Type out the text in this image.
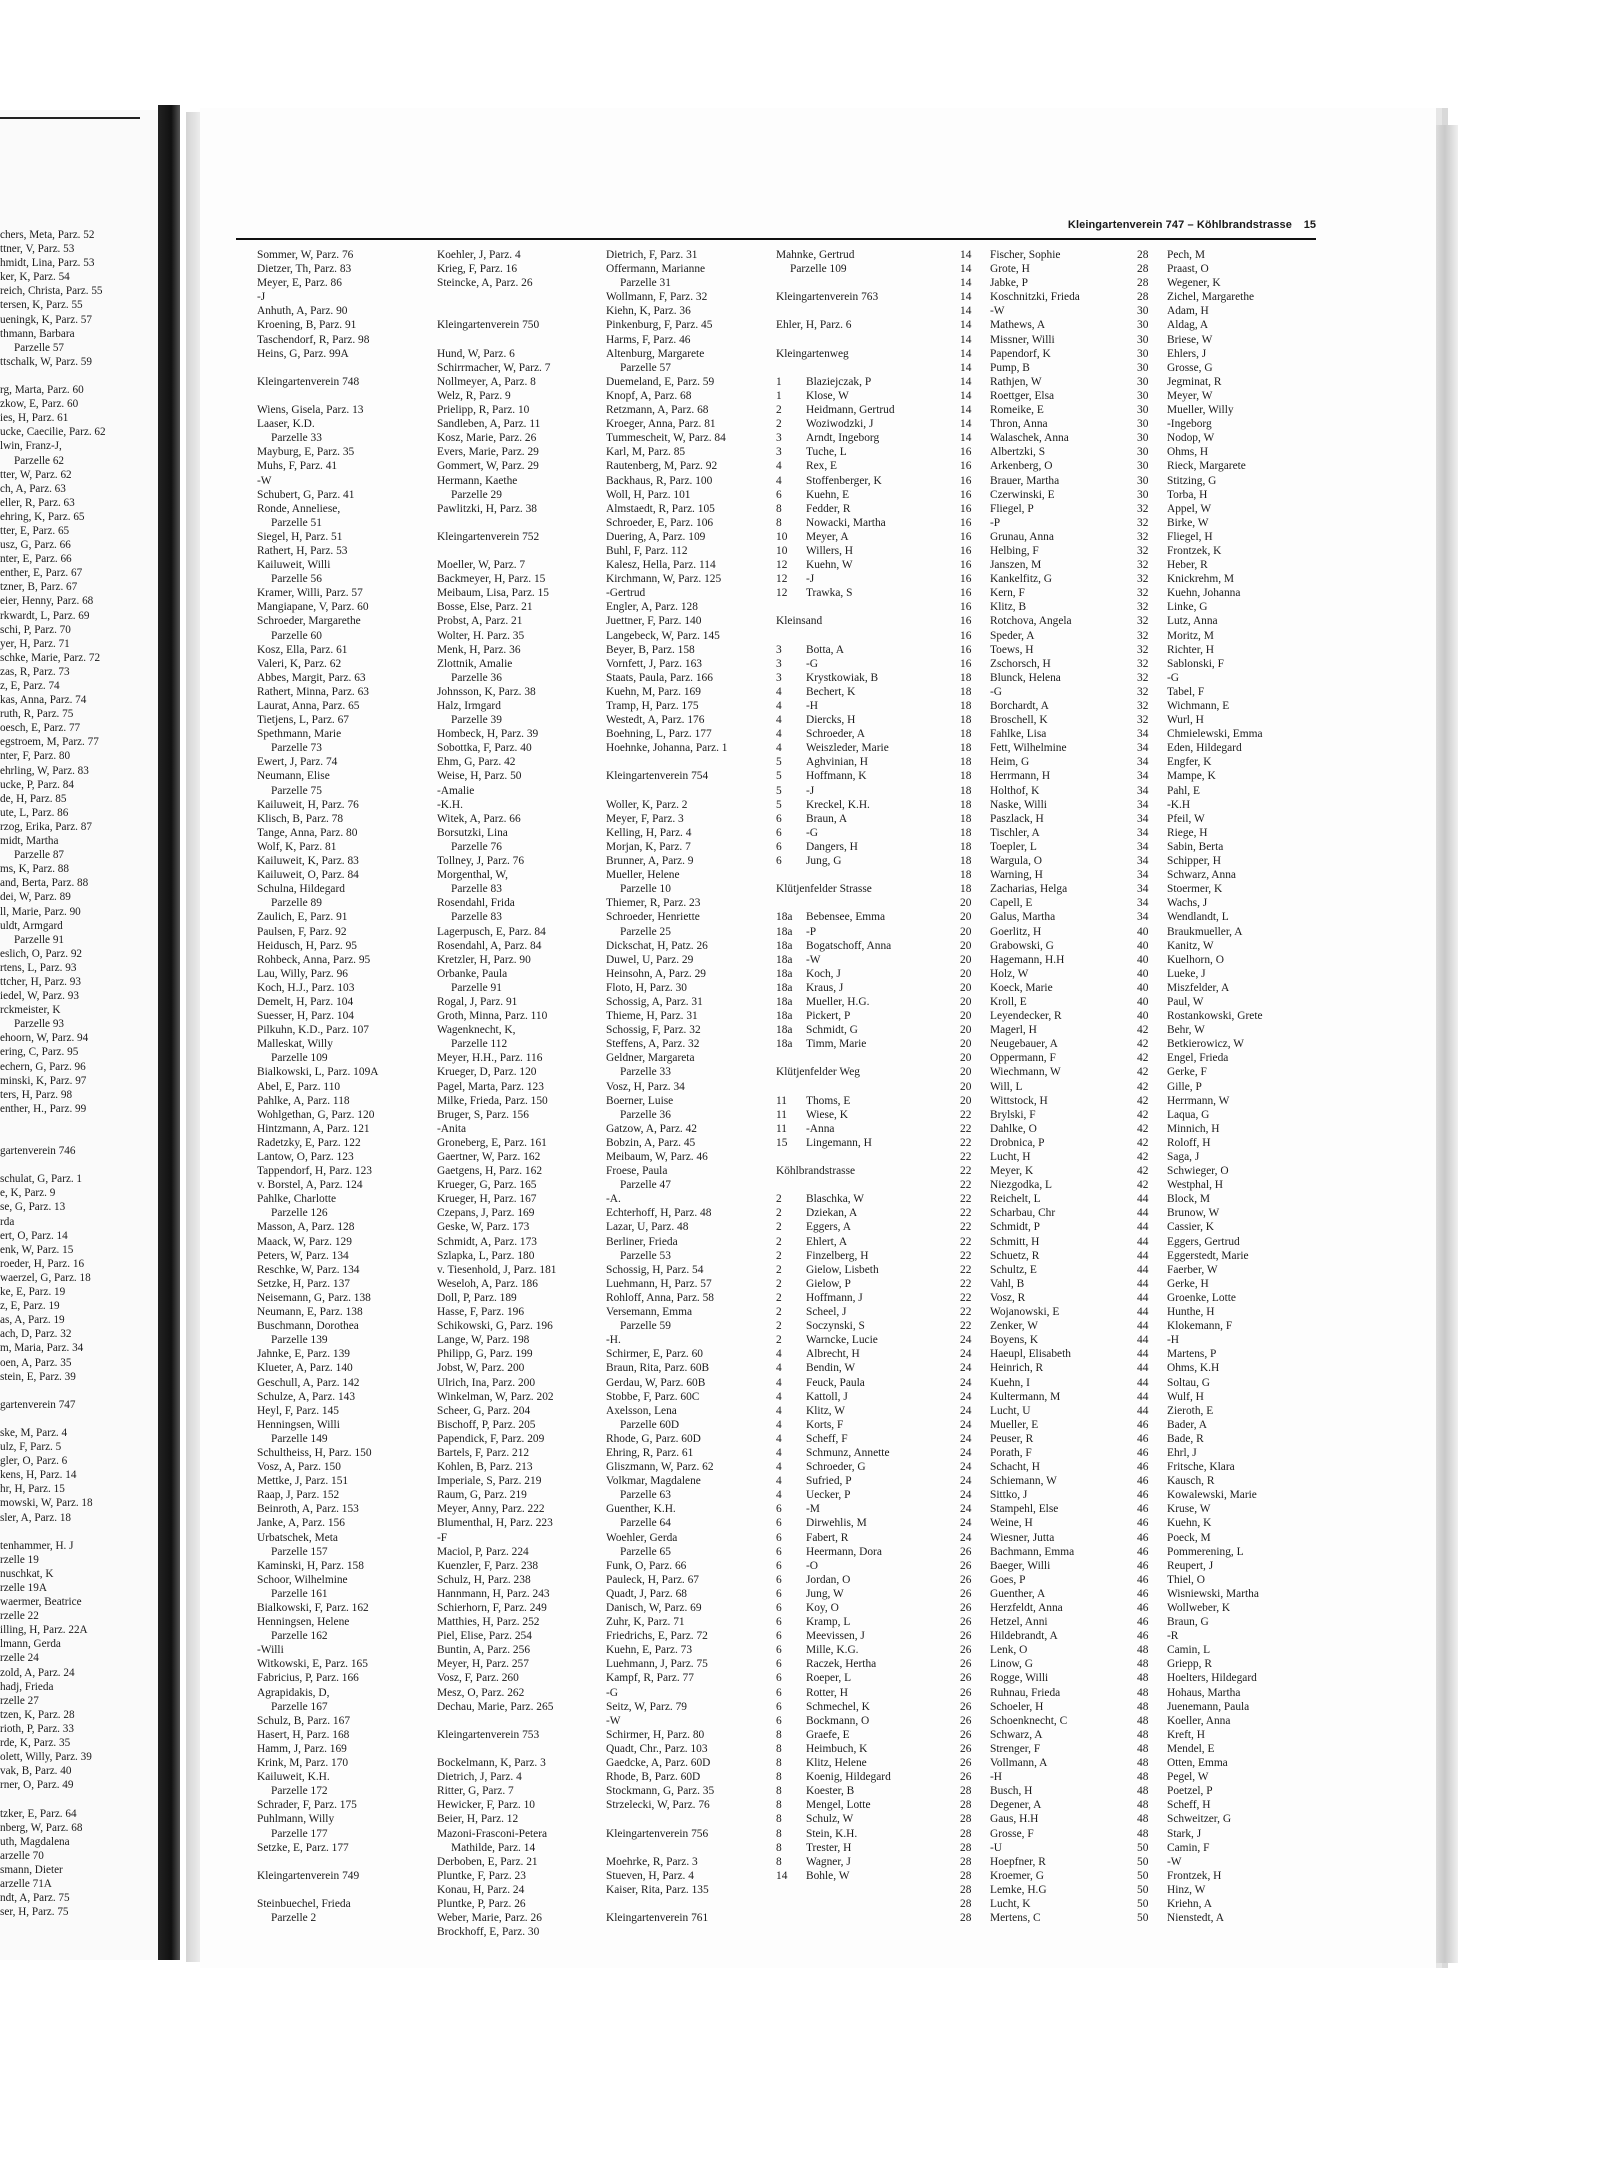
chers, Meta, Parz. 52
ttner, V, Parz. 53
hmidt, Lina, Parz. 53
ker, K, Parz. 54
reich, Christa, Parz. 55
tersen, K, Parz. 55
ueningk, K, Parz. 57
thmann, Barbara
Parzelle 57
ttschalk, W, Parz. 59

rg, Marta, Parz. 60
zkow, E, Parz. 60
ies, H, Parz. 61
ucke, Caecilie, Parz. 62
lwin, Franz-J,
Parzelle 62
tter, W, Parz. 62
ch, A, Parz. 63
eller, R, Parz. 63
ehring, K, Parz. 65
tter, E, Parz. 65
usz, G, Parz. 66
nter, E, Parz. 66
enther, E, Parz. 67
tzner, B, Parz. 67
eier, Henny, Parz. 68
rkwardt, L, Parz. 69
schi, P, Parz. 70
yer, H, Parz. 71
schke, Marie, Parz. 72
zas, R, Parz. 73
z, E, Parz. 74
kas, Anna, Parz. 74
ruth, R, Parz. 75
oesch, E, Parz. 77
egstroem, M, Parz. 77
nter, F, Parz. 80
ehrling, W, Parz. 83
ucke, P, Parz. 84
de, H, Parz. 85
ute, L, Parz. 86
rzog, Erika, Parz. 87
midt, Martha
Parzelle 87
ms, K, Parz. 88
and, Berta, Parz. 88
dei, W, Parz. 89
ll, Marie, Parz. 90
uldt, Armgard
Parzelle 91
eslich, O, Parz. 92
rtens, L, Parz. 93
ttcher, H, Parz. 93
iedel, W, Parz. 93
rckmeister, K
Parzelle 93
ehoorn, W, Parz. 94
ering, C, Parz. 95
echern, G, Parz. 96
minski, K, Parz. 97
ters, H, Parz. 98
enther, H., Parz. 99

gartenverein 746

schulat, G, Parz. 1
e, K, Parz. 9
se, G, Parz. 13
rda
ert, O, Parz. 14
enk, W, Parz. 15
roeder, H, Parz. 16
waerzel, G, Parz. 18
ke, E, Parz. 19
z, E, Parz. 19
as, A, Parz. 19
ach, D, Parz. 32
m, Maria, Parz. 34
oen, A, Parz. 35
stein, E, Parz. 39

gartenverein 747

ske, M, Parz. 4
ulz, F, Parz. 5
gler, O, Parz. 6
kens, H, Parz. 14
hr, H, Parz. 15
mowski, W, Parz. 18
sler, A, Parz. 18

tenhammer, H. J
rzelle 19
nuschkat, K
rzelle 19A
waermer, Beatrice
rzelle 22
illing, H, Parz. 22A
lmann, Gerda
rzelle 24
zold, A, Parz. 24
hadj, Frieda
rzelle 27
tzen, K, Parz. 28
rioth, P, Parz. 33
rde, K, Parz. 35
olett, Willy, Parz. 39
vak, B, Parz. 40
rner, O, Parz. 49

tzker, E, Parz. 64
nberg, W, Parz. 68
uth, Magdalena
arzelle 70
smann, Dieter
arzelle 71A
ndt, A, Parz. 75
ser, H, Parz. 75
Kleingartenverein 747 – Köhlbrandstrasse 15
Sommer, W, Parz. 76
Dietzer, Th, Parz. 83
Meyer, E, Parz. 86
-J
Anhuth, A, Parz. 90
Kroening, B, Parz. 91
Taschendorf, R, Parz. 98
Heins, G, Parz. 99A

Kleingartenverein 748

Wiens, Gisela, Parz. 13
Laaser, K.D.
Parzelle 33
Mayburg, E, Parz. 35
Muhs, F, Parz. 41
-W
Schubert, G, Parz. 41
Ronde, Anneliese,
Parzelle 51
Siegel, H, Parz. 51
Rathert, H, Parz. 53
Kailuweit, Willi
Parzelle 56
Kramer, Willi, Parz. 57
Mangiapane, V, Parz. 60
Schroeder, Margarethe
Parzelle 60
Kosz, Ella, Parz. 61
Valeri, K, Parz. 62
Abbes, Margit, Parz. 63
Rathert, Minna, Parz. 63
Laurat, Anna, Parz. 65
Tietjens, L, Parz. 67
Spethmann, Marie
Parzelle 73
Ewert, J, Parz. 74
Neumann, Elise
Parzelle 75
Kailuweit, H, Parz. 76
Klisch, B, Parz. 78
Tange, Anna, Parz. 80
Wolf, K, Parz. 81
Kailuweit, K, Parz. 83
Kailuweit, O, Parz. 84
Schulna, Hildegard
Parzelle 89
Zaulich, E, Parz. 91
Paulsen, F, Parz. 92
Heidusch, H, Parz. 95
Rohbeck, Anna, Parz. 95
Lau, Willy, Parz. 96
Koch, H.J., Parz. 103
Demelt, H, Parz. 104
Suesser, H, Parz. 104
Pilkuhn, K.D., Parz. 107
Malleskat, Willy
Parzelle 109
Bialkowski, L, Parz. 109A
Abel, E, Parz. 110
Pahlke, A, Parz. 118
Wohlgethan, G, Parz. 120
Hintzmann, A, Parz. 121
Radetzky, E, Parz. 122
Lantow, O, Parz. 123
Tappendorf, H, Parz. 123
v. Borstel, A, Parz. 124
Pahlke, Charlotte
Parzelle 126
Masson, A, Parz. 128
Maack, W, Parz. 129
Peters, W, Parz. 134
Reschke, W, Parz. 134
Setzke, H, Parz. 137
Neisemann, G, Parz. 138
Neumann, E, Parz. 138
Buschmann, Dorothea
Parzelle 139
Jahnke, E, Parz. 139
Klueter, A, Parz. 140
Geschull, A, Parz. 142
Schulze, A, Parz. 143
Heyl, F, Parz. 145
Henningsen, Willi
Parzelle 149
Schultheiss, H, Parz. 150
Vosz, A, Parz. 150
Mettke, J, Parz. 151
Raap, J, Parz. 152
Beinroth, A, Parz. 153
Janke, A, Parz. 156
Urbatschek, Meta
Parzelle 157
Kaminski, H, Parz. 158
Schoor, Wilhelmine
Parzelle 161
Bialkowski, F, Parz. 162
Henningsen, Helene
Parzelle 162
-Willi
Witkowski, E, Parz. 165
Fabricius, P, Parz. 166
Agrapidakis, D,
Parzelle 167
Schulz, B, Parz. 167
Hasert, H, Parz. 168
Hamm, J, Parz. 169
Krink, M, Parz. 170
Kailuweit, K.H.
Parzelle 172
Schrader, F, Parz. 175
Puhlmann, Willy
Parzelle 177
Setzke, E, Parz. 177

Kleingartenverein 749

Steinbuechel, Frieda
Parzelle 2
Koehler, J, Parz. 4
Krieg, F, Parz. 16
Steincke, A, Parz. 26

Kleingartenverein 750

Hund, W, Parz. 6
Schirrmacher, W, Parz. 7
Nollmeyer, A, Parz. 8
Welz, R, Parz. 9
Prielipp, R, Parz. 10
Sandleben, A, Parz. 11
Kosz, Marie, Parz. 26
Evers, Marie, Parz. 29
Gommert, W, Parz. 29
Hermann, Kaethe
Parzelle 29
Pawlitzki, H, Parz. 38

Kleingartenverein 752

Moeller, W, Parz. 7
Backmeyer, H, Parz. 15
Meibaum, Lisa, Parz. 15
Bosse, Else, Parz. 21
Probst, A, Parz. 21
Wolter, H. Parz. 35
Menk, H, Parz. 36
Zlottnik, Amalie
Parzelle 36
Johnsson, K, Parz. 38
Halz, Irmgard
Parzelle 39
Hombeck, H, Parz. 39
Sobottka, F, Parz. 40
Ehm, G, Parz. 42
Weise, H, Parz. 50
-Amalie
-K.H.
Witek, A, Parz. 66
Borsutzki, Lina
Parzelle 76
Tollney, J, Parz. 76
Morgenthal, W,
Parzelle 83
Rosendahl, Frida
Parzelle 83
Lagerpusch, E, Parz. 84
Rosendahl, A, Parz. 84
Kretzler, H, Parz. 90
Orbanke, Paula
Parzelle 91
Rogal, J, Parz. 91
Groth, Minna, Parz. 110
Wagenknecht, K,
Parzelle 112
Meyer, H.H., Parz. 116
Krueger, D, Parz. 120
Pagel, Marta, Parz. 123
Milke, Frieda, Parz. 150
Bruger, S, Parz. 156
-Anita
Groneberg, E, Parz. 161
Gaertner, W, Parz. 162
Gaetgens, H, Parz. 162
Krueger, G, Parz. 165
Krueger, H, Parz. 167
Czepans, J, Parz. 169
Geske, W, Parz. 173
Schmidt, A, Parz. 173
Szlapka, L, Parz. 180
v. Tiesenhold, J, Parz. 181
Weseloh, A, Parz. 186
Doll, P, Parz. 189
Hasse, F, Parz. 196
Schikowski, G, Parz. 196
Lange, W, Parz. 198
Philipp, G, Parz. 199
Jobst, W, Parz. 200
Ulrich, Ina, Parz. 200
Winkelman, W, Parz. 202
Scheer, G, Parz. 204
Bischoff, P, Parz. 205
Papendick, F, Parz. 209
Bartels, F, Parz. 212
Kohlen, B, Parz. 213
Imperiale, S, Parz. 219
Raum, G, Parz. 219
Meyer, Anny, Parz. 222
Blumenthal, H, Parz. 223
-F
Maciol, P, Parz. 224
Kuenzler, F, Parz. 238
Schulz, H, Parz. 238
Hannmann, H, Parz. 243
Schierhorn, F, Parz. 249
Matthies, H, Parz. 252
Piel, Elise, Parz. 254
Buntin, A, Parz. 256
Meyer, H, Parz. 257
Vosz, F, Parz. 260
Mesz, O, Parz. 262
Dechau, Marie, Parz. 265

Kleingartenverein 753

Bockelmann, K, Parz. 3
Dietrich, J, Parz. 4
Ritter, G, Parz. 7
Hewicker, F, Parz. 10
Beier, H, Parz. 12
Mazoni-Frasconi-Petera
Mathilde, Parz. 14
Derboben, E, Parz. 21
Pluntke, F, Parz. 23
Konau, H, Parz. 24
Pluntke, P, Parz. 26
Weber, Marie, Parz. 26
Brockhoff, E, Parz. 30
Dietrich, F, Parz. 31
Offermann, Marianne
Parzelle 31
Wollmann, F, Parz. 32
Kiehn, K, Parz. 36
Pinkenburg, F, Parz. 45
Harms, F, Parz. 46
Altenburg, Margarete
Parzelle 57
Duemeland, E, Parz. 59
Knopf, A, Parz. 68
Retzmann, A, Parz. 68
Kroeger, Anna, Parz. 81
Tummescheit, W, Parz. 84
Karl, M, Parz. 85
Rautenberg, M, Parz. 92
Backhaus, R, Parz. 100
Woll, H, Parz. 101
Almstaedt, R, Parz. 105
Schroeder, E, Parz. 106
Duering, A, Parz. 109
Buhl, F, Parz. 112
Kalesz, Hella, Parz. 114
Kirchmann, W, Parz. 125
-Gertrud
Engler, A, Parz. 128
Juettner, F, Parz. 140
Langebeck, W, Parz. 145
Beyer, B, Parz. 158
Vornfett, J, Parz. 163
Staats, Paula, Parz. 166
Kuehn, M, Parz. 169
Tramp, H, Parz. 175
Westedt, A, Parz. 176
Boehning, L, Parz. 177
Hoehnke, Johanna, Parz. 1

Kleingartenverein 754

Woller, K, Parz. 2
Meyer, F, Parz. 3
Kelling, H, Parz. 4
Morjan, K, Parz. 7
Brunner, A, Parz. 9
Mueller, Helene
Parzelle 10
Thiemer, R, Parz. 23
Schroeder, Henriette
Parzelle 25
Dickschat, H, Patz. 26
Duwel, U, Parz. 29
Heinsohn, A, Parz. 29
Floto, H, Parz. 30
Schossig, A, Parz. 31
Thieme, H, Parz. 31
Schossig, F, Parz. 32
Steffens, A, Parz. 32
Geldner, Margareta
Parzelle 33
Vosz, H, Parz. 34
Boerner, Luise
Parzelle 36
Gatzow, A, Parz. 42
Bobzin, A, Parz. 45
Meibaum, W, Parz. 46
Froese, Paula
Parzelle 47
-A.
Echterhoff, H, Parz. 48
Lazar, U, Parz. 48
Berliner, Frieda
Parzelle 53
Schossig, H, Parz. 54
Luehmann, H, Parz. 57
Rohloff, Anna, Parz. 58
Versemann, Emma
Parzelle 59
-H.
Schirmer, E, Parz. 60
Braun, Rita, Parz. 60B
Gerdau, W, Parz. 60B
Stobbe, F, Parz. 60C
Axelsson, Lena
Parzelle 60D
Rhode, G, Parz. 60D
Ehring, R, Parz. 61
Gliszmann, W, Parz. 62
Volkmar, Magdalene
Parzelle 63
Guenther, K.H.
Parzelle 64
Woehler, Gerda
Parzelle 65
Funk, O, Parz. 66
Pauleck, H, Parz. 67
Quadt, J, Parz. 68
Danisch, W, Parz. 69
Zuhr, K, Parz. 71
Friedrichs, E, Parz. 72
Kuehn, E, Parz. 73
Luehmann, J, Parz. 75
Kampf, R, Parz. 77
-G
Seitz, W, Parz. 79
-W
Schirmer, H, Parz. 80
Quadt, Chr., Parz. 103
Gaedcke, A, Parz. 60D
Rhode, B, Parz. 60D
Stockmann, G, Parz. 35
Strzelecki, W, Parz. 76

Kleingartenverein 756

Moehrke, R, Parz. 3
Stueven, H, Parz. 4
Kaiser, Rita, Parz. 135

Kleingartenverein 761
Mahnke, Gertrud
Parzelle 109

Kleingartenverein 763

Ehler, H, Parz. 6

Kleingartenweg

1 Blaziejczak, P
1 Klose, W
2 Heidmann, Gertrud
2 Woziwodzki, J
3 Arndt, Ingeborg
3 Tuche, L
4 Rex, E
4 Stoffenberger, K
6 Kuehn, E
8 Fedder, R
8 Nowacki, Martha
10 Meyer, A
10 Willers, H
12 Kuehn, W
12 -J
12 Trawka, S

Kleinsand

3 Botta, A
3 -G
3 Krystkowiak, B
4 Bechert, K
4 -H
4 Diercks, H
4 Schroeder, A
4 Weiszleder, Marie
5 Aghvinian, H
5 Hoffmann, K
5 -J
5 Kreckel, K.H.
6 Braun, A
6 -G
6 Dangers, H
6 Jung, G

Klütjenfelder Strasse

18a Bebensee, Emma
18a -P
18a Bogatschoff, Anna
18a -W
18a Koch, J
18a Kraus, J
18a Mueller, H.G.
18a Pickert, P
18a Schmidt, G
18a Timm, Marie

Klütjenfelder Weg

11 Thoms, E
11 Wiese, K
11 -Anna
15 Lingemann, H

Köhlbrandstrasse

2 Blaschka, W
2 Dziekan, A
2 Eggers, A
2 Ehlert, A
2 Finzelberg, H
2 Gielow, Lisbeth
2 Gielow, P
2 Hoffmann, J
2 Scheel, J
2 Soczynski, S
2 Warncke, Lucie
4 Albrecht, H
4 Bendin, W
4 Feuck, Paula
4 Kattoll, J
4 Klitz, W
4 Korts, F
4 Scheff, F
4 Schmunz, Annette
4 Schroeder, G
4 Sufried, P
4 Uecker, P
6 -M
6 Dirwehlis, M
6 Fabert, R
6 Heermann, Dora
6 -O
6 Jordan, O
6 Jung, W
6 Koy, O
6 Kramp, L
6 Meevissen, J
6 Mille, K.G.
6 Raczek, Hertha
6 Roeper, L
6 Rotter, H
6 Schmechel, K
6 Bockmann, O
8 Graefe, E
8 Heimbuch, K
8 Klitz, Helene
8 Koenig, Hildegard
8 Koester, B
8 Mengel, Lotte
8 Schulz, W
8 Stein, K.H.
8 Trester, H
8 Wagner, J
14 Bohle, W
14 Fischer, Sophie
14 Grote, H
14 Jabke, P
14 Koschnitzki, Frieda
14 -W
14 Mathews, A
14 Missner, Willi
14 Papendorf, K
14 Pump, B
14 Rathjen, W
14 Roettger, Elsa
14 Romeike, E
14 Thron, Anna
14 Walaschek, Anna
16 Albertzki, S
16 Arkenberg, O
16 Brauer, Martha
16 Czerwinski, E
16 Fliegel, P
16 -P
16 Grunau, Anna
16 Helbing, F
16 Janszen, M
16 Kankelfitz, G
16 Kern, F
16 Klitz, B
16 Rotchova, Angela
16 Speder, A
16 Toews, H
16 Zschorsch, H
18 Blunck, Helena
18 -G
18 Borchardt, A
18 Broschell, K
18 Fahlke, Lisa
18 Fett, Wilhelmine
18 Heim, G
18 Herrmann, H
18 Holthof, K
18 Naske, Willi
18 Paszlack, H
18 Tischler, A
18 Toepler, L
18 Wargula, O
18 Warning, H
18 Zacharias, Helga
20 Capell, E
20 Galus, Martha
20 Goerlitz, H
20 Grabowski, G
20 Hagemann, H.H
20 Holz, W
20 Koeck, Marie
20 Kroll, E
20 Leyendecker, R
20 Magerl, H
20 Neugebauer, A
20 Oppermann, F
20 Wiechmann, W
20 Will, L
20 Wittstock, H
22 Brylski, F
22 Dahlke, O
22 Drobnica, P
22 Lucht, H
22 Meyer, K
22 Niezgodka, L
22 Reichelt, L
22 Scharbau, Chr
22 Schmidt, P
22 Schmitt, H
22 Schuetz, R
22 Schultz, E
22 Vahl, B
22 Vosz, R
22 Wojanowski, E
22 Zenker, W
24 Boyens, K
24 Haeupl, Elisabeth
24 Heinrich, R
24 Kuehn, I
24 Kultermann, M
24 Lucht, U
24 Mueller, E
24 Peuser, R
24 Porath, F
24 Schacht, H
24 Schiemann, W
24 Sittko, J
24 Stampehl, Else
24 Weine, H
24 Wiesner, Jutta
26 Bachmann, Emma
26 Baeger, Willi
26 Goes, P
26 Guenther, A
26 Herzfeldt, Anna
26 Hetzel, Anni
26 Hildebrandt, A
26 Lenk, O
26 Linow, G
26 Rogge, Willi
26 Ruhnau, Frieda
26 Schoeler, H
26 Schoenknecht, C
26 Schwarz, A
26 Strenger, F
26 Vollmann, A
26 -H
28 Busch, H
28 Degener, A
28 Gaus, H.H
28 Grosse, F
28 -U
28 Hoepfner, R
28 Kroemer, G
28 Lemke, H.G
28 Lucht, K
28 Mertens, C
28 Pech, M
28 Praast, O
28 Wegener, K
28 Zichel, Margarethe
30 Adam, H
30 Aldag, A
30 Briese, W
30 Ehlers, J
30 Grosse, G
30 Jegminat, R
30 Meyer, W
30 Mueller, Willy
30 -Ingeborg
30 Nodop, W
30 Ohms, H
30 Rieck, Margarete
30 Stitzing, G
30 Torba, H
32 Appel, W
32 Birke, W
32 Fliegel, H
32 Frontzek, K
32 Heber, R
32 Knickrehm, M
32 Kuehn, Johanna
32 Linke, G
32 Lutz, Anna
32 Moritz, M
32 Richter, H
32 Sablonski, F
32 -G
32 Tabel, F
32 Wichmann, E
32 Wurl, H
34 Chmielewski, Emma
34 Eden, Hildegard
34 Engfer, K
34 Mampe, K
34 Pahl, E
34 -K.H
34 Pfeil, W
34 Riege, H
34 Sabin, Berta
34 Schipper, H
34 Schwarz, Anna
34 Stoermer, K
34 Wachs, J
34 Wendlandt, L
40 Braukmueller, A
40 Kanitz, W
40 Kuelhorn, O
40 Lueke, J
40 Miszfelder, A
40 Paul, W
40 Rostankowski, Grete
42 Behr, W
42 Betkierowicz, W
42 Engel, Frieda
42 Gerke, F
42 Gille, P
42 Herrmann, W
42 Laqua, G
42 Minnich, H
42 Roloff, H
42 Saga, J
42 Schwieger, O
42 Westphal, H
44 Block, M
44 Brunow, W
44 Cassier, K
44 Eggers, Gertrud
44 Eggerstedt, Marie
44 Faerber, W
44 Gerke, H
44 Groenke, Lotte
44 Hunthe, H
44 Klokemann, F
44 -H
44 Martens, P
44 Ohms, K.H
44 Soltau, G
44 Wulf, H
44 Zieroth, E
46 Bader, A
46 Bade, R
46 Ehrl, J
46 Fritsche, Klara
46 Kausch, R
46 Kowalewski, Marie
46 Kruse, W
46 Kuehn, K
46 Poeck, M
46 Pommerening, L
46 Reupert, J
46 Thiel, O
46 Wisniewski, Martha
46 Wollweber, K
46 Braun, G
46 -R
48 Camin, L
48 Griepp, R
48 Hoelters, Hildegard
48 Hohaus, Martha
48 Juenemann, Paula
48 Koeller, Anna
48 Kreft, H
48 Mendel, E
48 Otten, Emma
48 Pegel, W
48 Poetzel, P
48 Scheff, H
48 Schweitzer, G
48 Stark, J
50 Camin, F
50 -W
50 Frontzek, H
50 Hinz, W
50 Kriehn, A
50 Nienstedt, A
